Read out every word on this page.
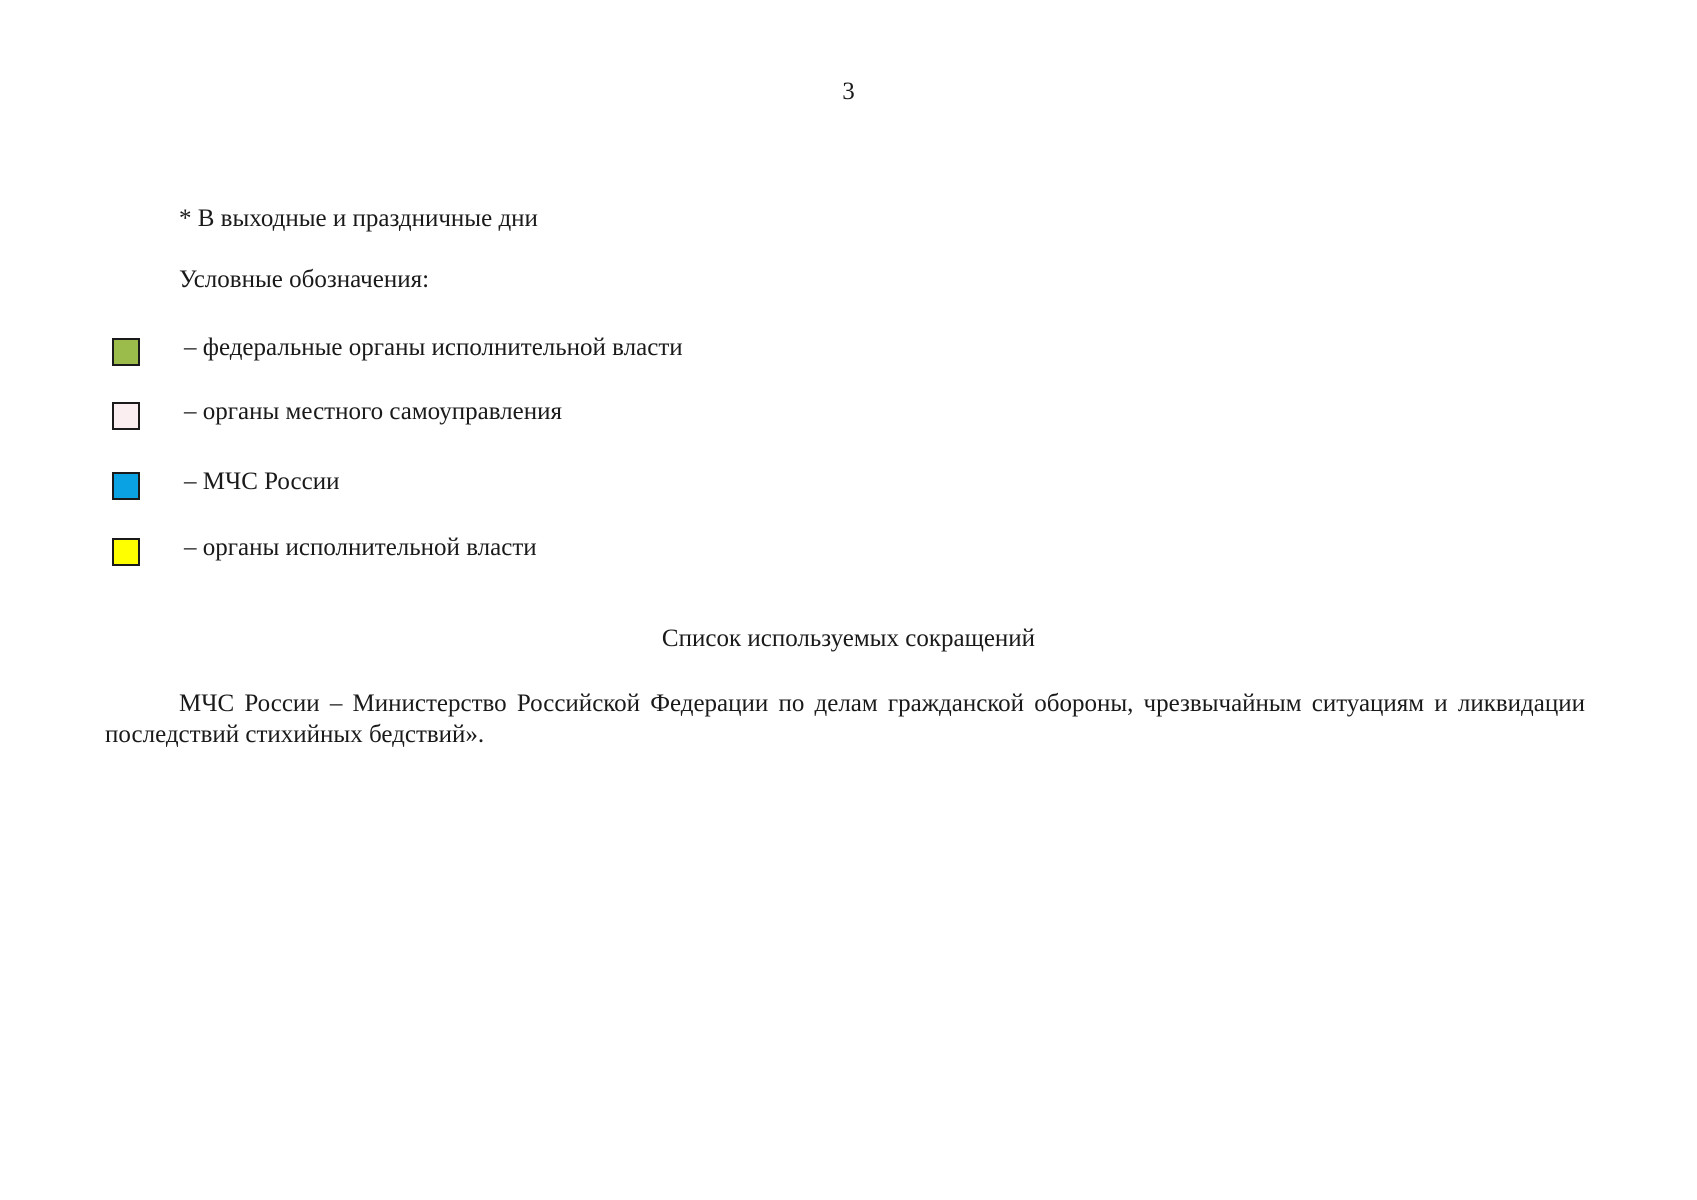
3
* В выходные и праздничные дни
Условные обозначения:
– федеральные органы исполнительной власти
– органы местного самоуправления
– МЧС России
– органы исполнительной власти
Список используемых сокращений
МЧС России – Министерство Российской Федерации по делам гражданской обороны, чрезвычайным ситуациям и ликвидации последствий стихийных бедствий».
